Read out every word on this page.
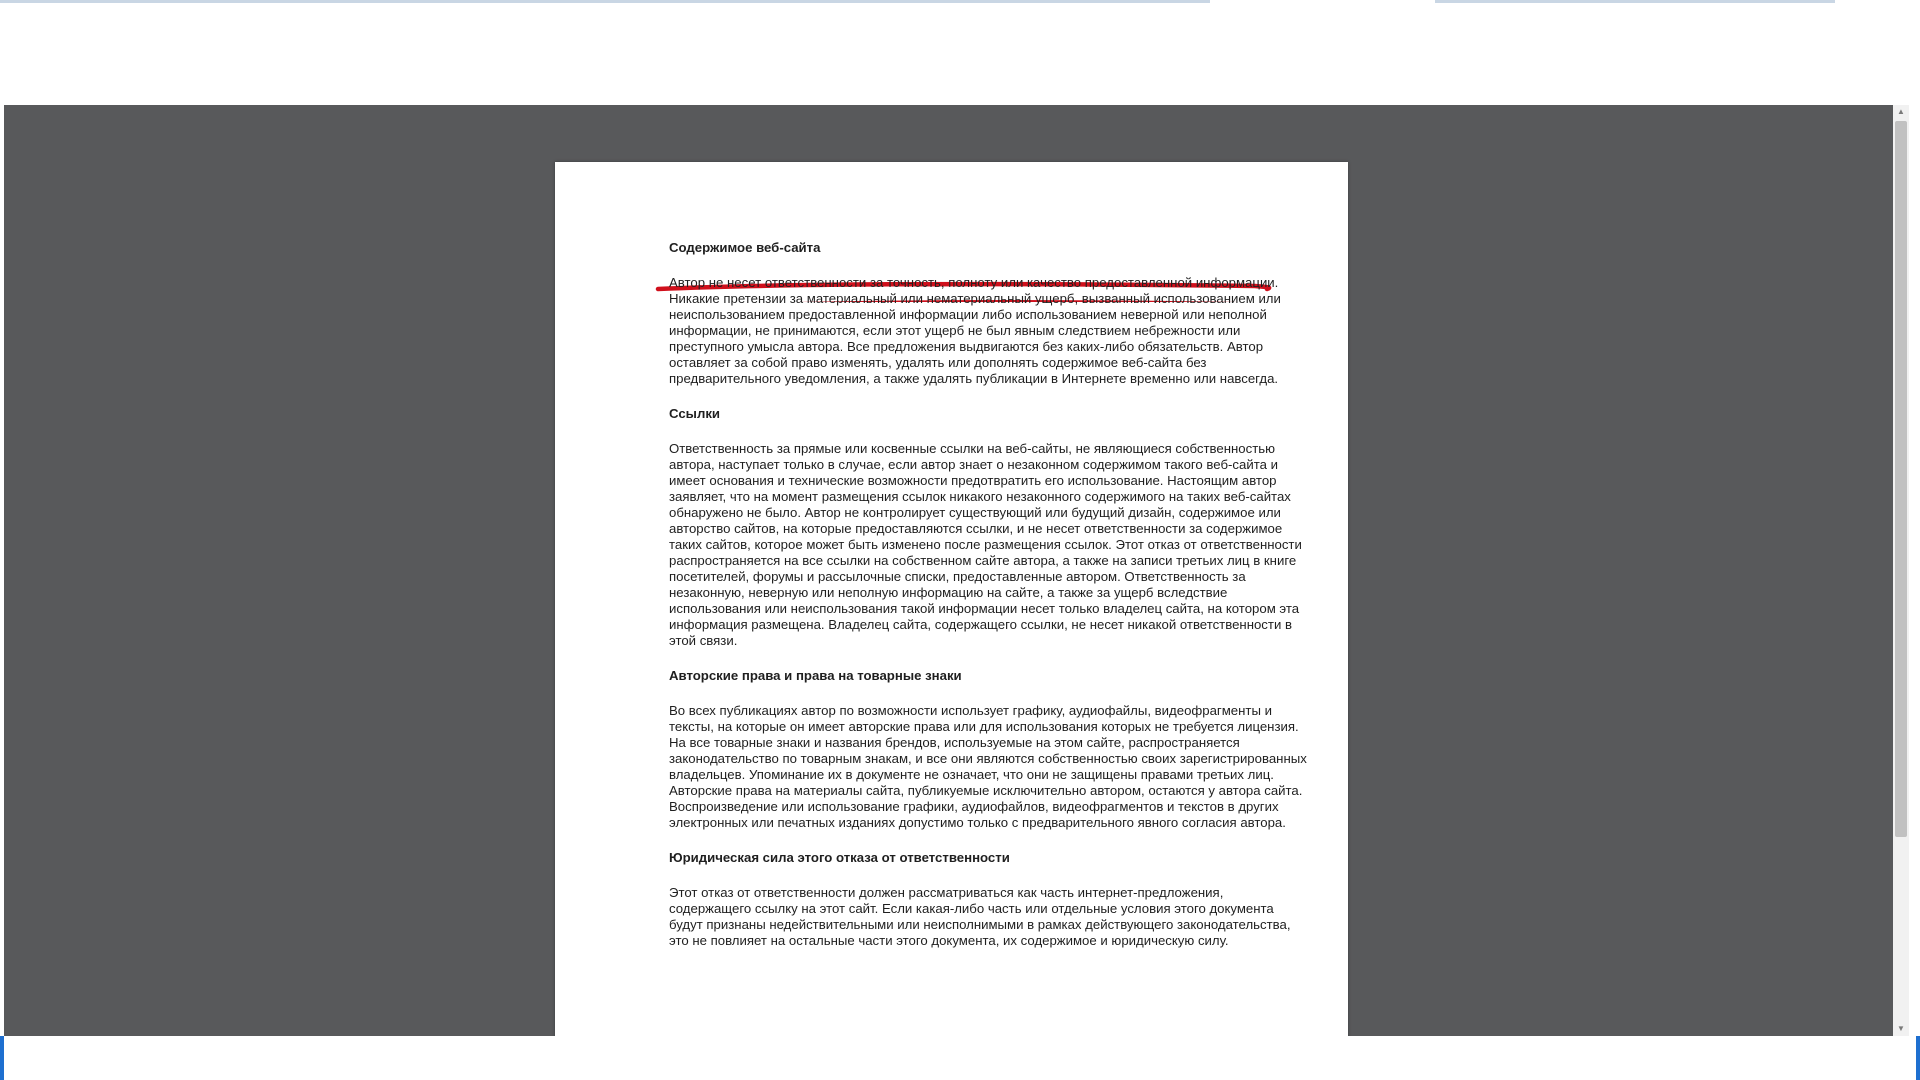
Содержимое веб-сайта

Автор не несет ответственности за точность, полноту или качество предоставленной информации. Никакие претензии за материальный или нематериальный ущерб, вызванный использованием или неиспользованием предоставленной информации либо использованием неверной или неполной информации, не принимаются, если этот ущерб не был явным следствием небрежности или преступного умысла автора. Все предложения выдвигаются без каких-либо обязательств. Автор оставляет за собой право изменять, удалять или дополнять содержимое веб-сайта без предварительного уведомления, а также удалять публикации в Интернете временно или навсегда.

Ссылки

Ответственность за прямые или косвенные ссылки на веб-сайты, не являющиеся собственностью автора, наступает только в случае, если автор знает о незаконном содержимом такого веб-сайта и имеет основания и технические возможности предотвратить его использование. Настоящим автор заявляет, что на момент размещения ссылок никакого незаконного содержимого на таких веб-сайтах обнаружено не было. Автор не контролирует существующий или будущий дизайн, содержимое или авторство сайтов, на которые предоставляются ссылки, и не несет ответственности за содержимое таких сайтов, которое может быть изменено после размещения ссылок. Этот отказ от ответственности распространяется на все ссылки на собственном сайте автора, а также на записи третьих лиц в книге посетителей, форумы и рассылочные списки, предоставленные автором. Ответственность за незаконную, неверную или неполную информацию на сайте, а также за ущерб вследствие использования или неиспользования такой информации несет только владелец сайта, на котором эта информация размещена. Владелец сайта, содержащего ссылки, не несет никакой ответственности в этой связи.

Авторские права и права на товарные знаки

Во всех публикациях автор по возможности использует графику, аудиофайлы, видеофрагменты и тексты, на которые он имеет авторские права или для использования которых не требуется лицензия. На все товарные знаки и названия брендов, используемые на этом сайте, распространяется законодательство по товарным знакам, и все они являются собственностью своих зарегистрированных владельцев. Упоминание их в документе не означает, что они не защищены правами третьих лиц. Авторские права на материалы сайта, публикуемые исключительно автором, остаются у автора сайта. Воспроизведение или использование графики, аудиофайлов, видеофрагментов и текстов в других электронных или печатных изданиях допустимо только с предварительного явного согласия автора.

Юридическая сила этого отказа от ответственности

Этот отказ от ответственности должен рассматриваться как часть интернет-предложения, содержащего ссылку на этот сайт. Если какая-либо часть или отдельные условия этого документа будут признаны недействительными или неисполнимыми в рамках действующего законодательства, это не повлияет на остальные части этого документа, их содержимое и юридическую силу.

▲
▼
